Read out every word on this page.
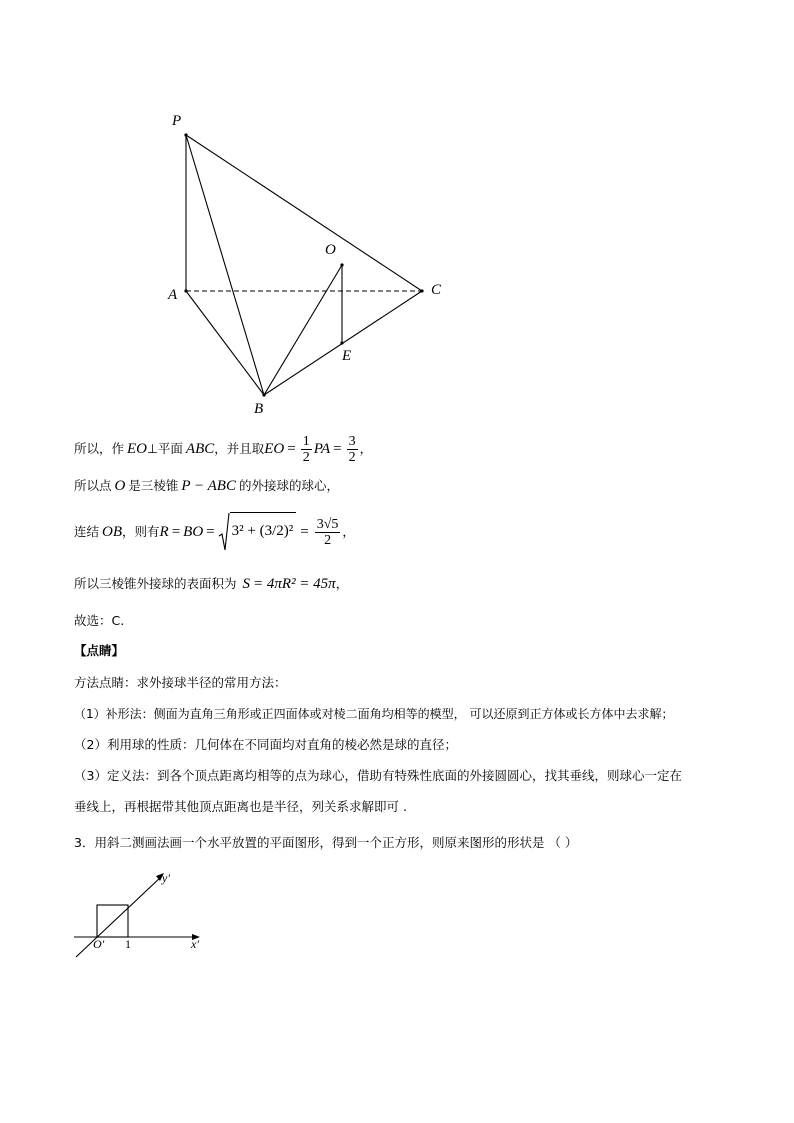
P
A
B
C
O
E
所以，作 EO ⊥平面 ABC ，并且取 EO = $\frac{1}{2}$ PA = $\frac{3}{2}$ ，
所以点 O 是三棱锥 P − ABC 的外接球的球心，
连结 OB ，则有 R = BO = $3^2 + (3/2)^2 = \frac{3√5}{2}$ ，
所以三棱锥外接球的表面积为 S = 4πR² = 45π ，
故选：C.
【点睛】
方法点睛：求外接球半径的常用方法：
（1）补形法：侧面为直角三角形或正四面体或对棱二面角均相等的模型， 可以还原到正方体或长方体中去求解；
（2）利用球的性质：几何体在不同面均对直角的棱必然是球的直径；
（3）定义法：到各个顶点距离均相等的点为球心，借助有特殊性底面的外接圆圆心，找其垂线，则球心一定在
垂线上，再根据带其他顶点距离也是半径，列关系求解即可 .
3．用斜二测画法画一个水平放置的平面图形，得到一个正方形，则原来图形的形状是 （ ）
O′ 1	x′
y′
